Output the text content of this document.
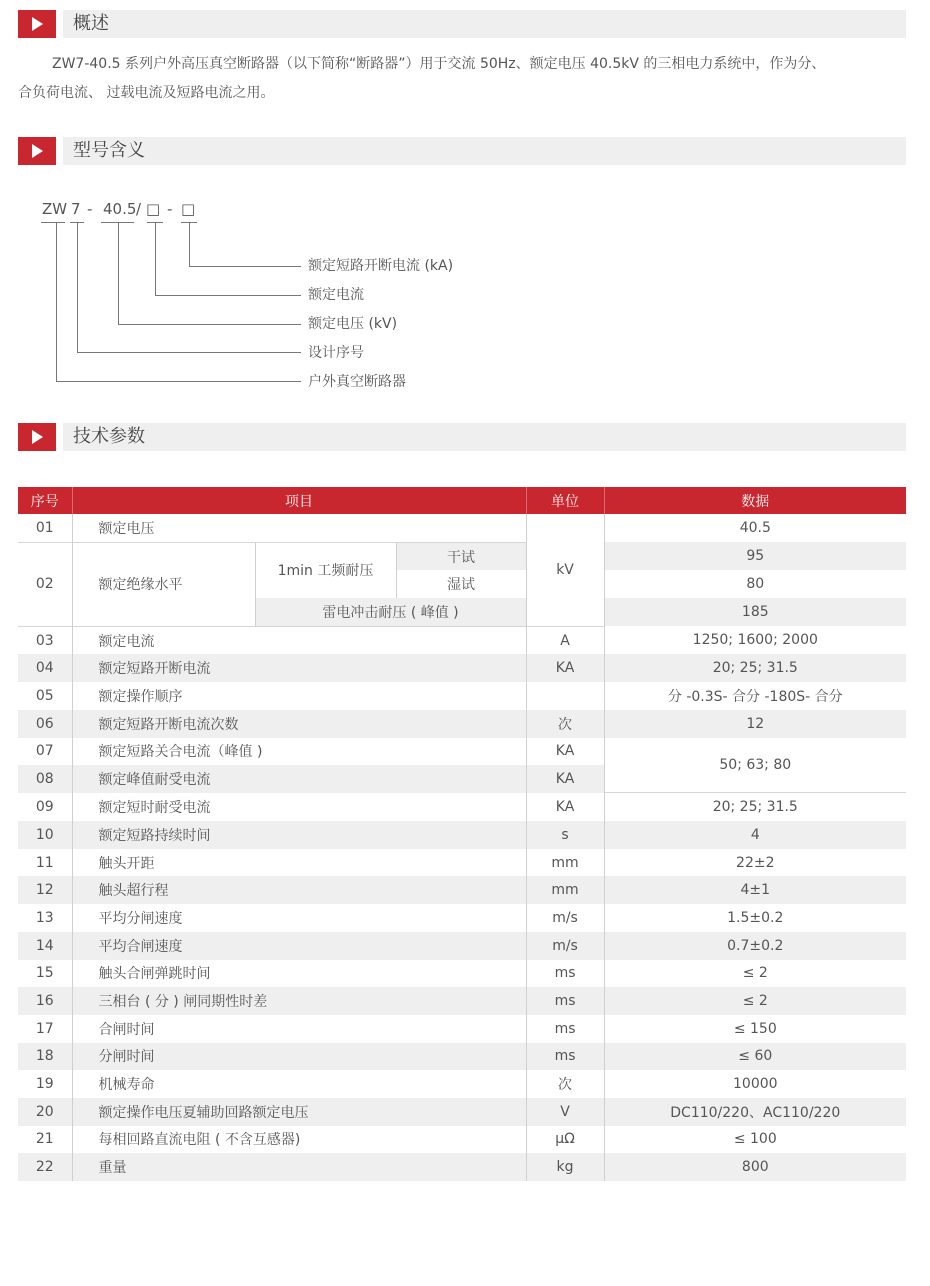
概述
ZW7-40.5 系列户外高压真空断路器（以下简称“断路器”）用于交流 50Hz、额定电压 40.5kV 的三相电力系统中，作为分、
合负荷电流、 过载电流及短路电流之用。
型号含义
ZW 7 - 40.5 / □ - □
额定短路开断电流 (kA)
额定电流
额定电压 (kV)
设计序号
户外真空断路器
技术参数
序号	项目			单位	数据
01	额定电压			kV	40.5
02	额定绝缘水平	1min 工频耐压	干试		95
			湿试		80
		雷电冲击耐压 ( 峰值 )			185
03	额定电流			A	1250; 1600; 2000
04	额定短路开断电流			KA	20; 25; 31.5
05	额定操作顺序				分 -0.3S- 合分 -180S- 合分
06	额定短路开断电流次数			次	12
07	额定短路关合电流（峰值 )			KA	50; 63; 80
08	额定峰值耐受电流			KA	
09	额定短时耐受电流			KA	20; 25; 31.5
10	额定短路持续时间			s	4
11	触头开距			mm	22±2
12	触头超行程			mm	4±1
13	平均分闸速度			m/s	1.5±0.2
14	平均合闸速度			m/s	0.7±0.2
15	触头合闸弹跳时间			ms	≤ 2
16	三相台 ( 分 ) 闸同期性时差			ms	≤ 2
17	合闸时间			ms	≤ 150
18	分闸时间			ms	≤ 60
19	机械寿命			次	10000
20	额定操作电压夏辅助回路额定电压			V	DC110/220、AC110/220
21	每相回路直流电阻 ( 不含互感器)			μΩ	≤ 100
22	重量			kg	800
